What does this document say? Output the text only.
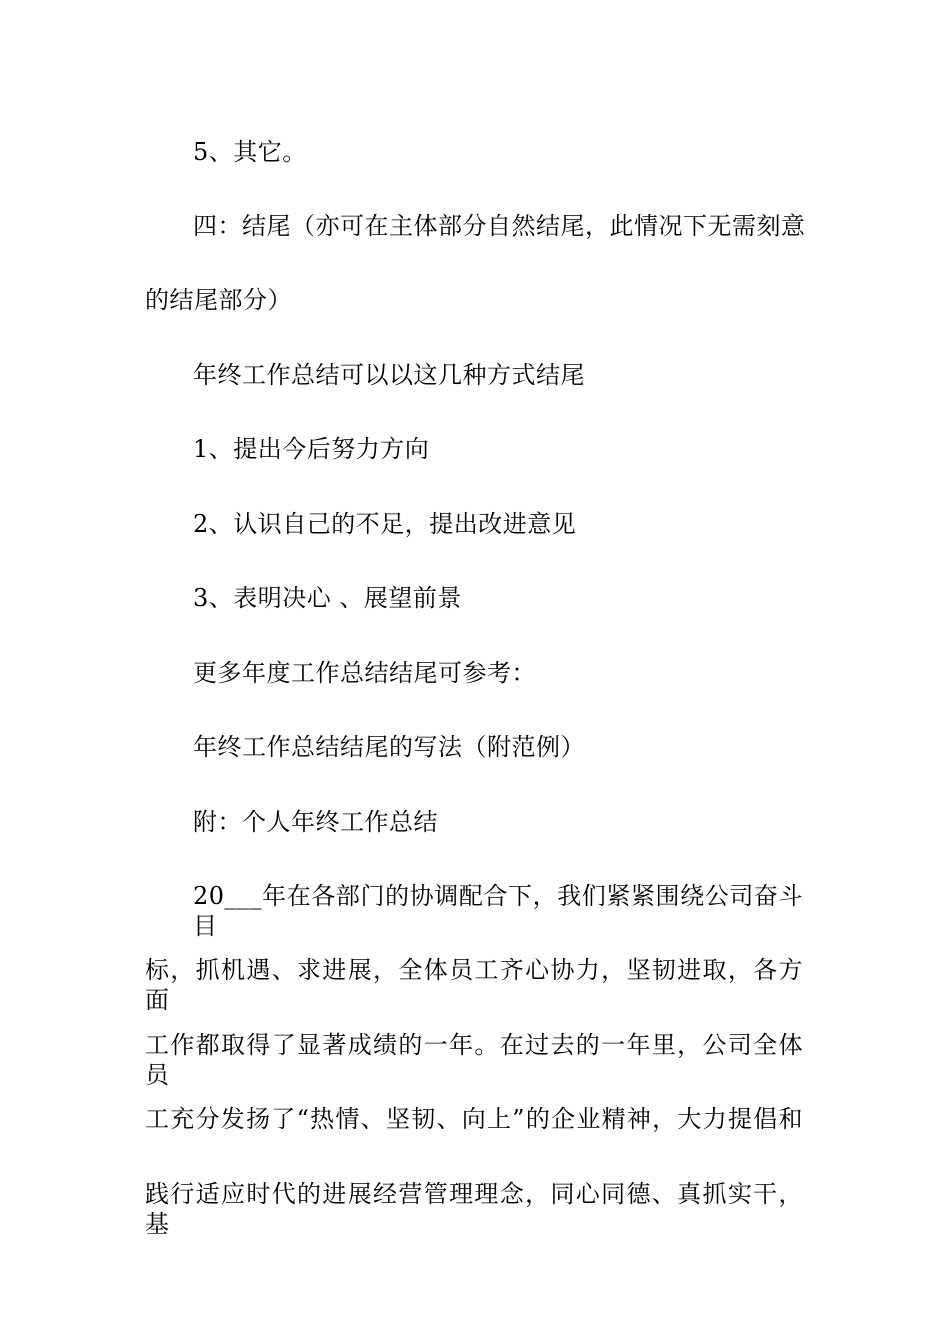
5、其它。
四：结尾（亦可在主体部分自然结尾，此情况下无需刻意
的结尾部分）
年终工作总结可以以这几种方式结尾
1、提出今后努力方向
2、认识自己的不足，提出改进意见
3、表明决心 、展望前景
更多年度工作总结结尾可参考：
年终工作总结结尾的写法（附范例）
附：个人年终工作总结
20___年在各部门的协调配合下，我们紧紧围绕公司奋斗目
标，抓机遇、求进展，全体员工齐心协力，坚韧进取，各方面
工作都取得了显著成绩的一年。在过去的一年里，公司全体员
工充分发扬了“热情、坚韧、向上”的企业精神，大力提倡和
践行适应时代的进展经营管理理念，同心同德、真抓实干，基
